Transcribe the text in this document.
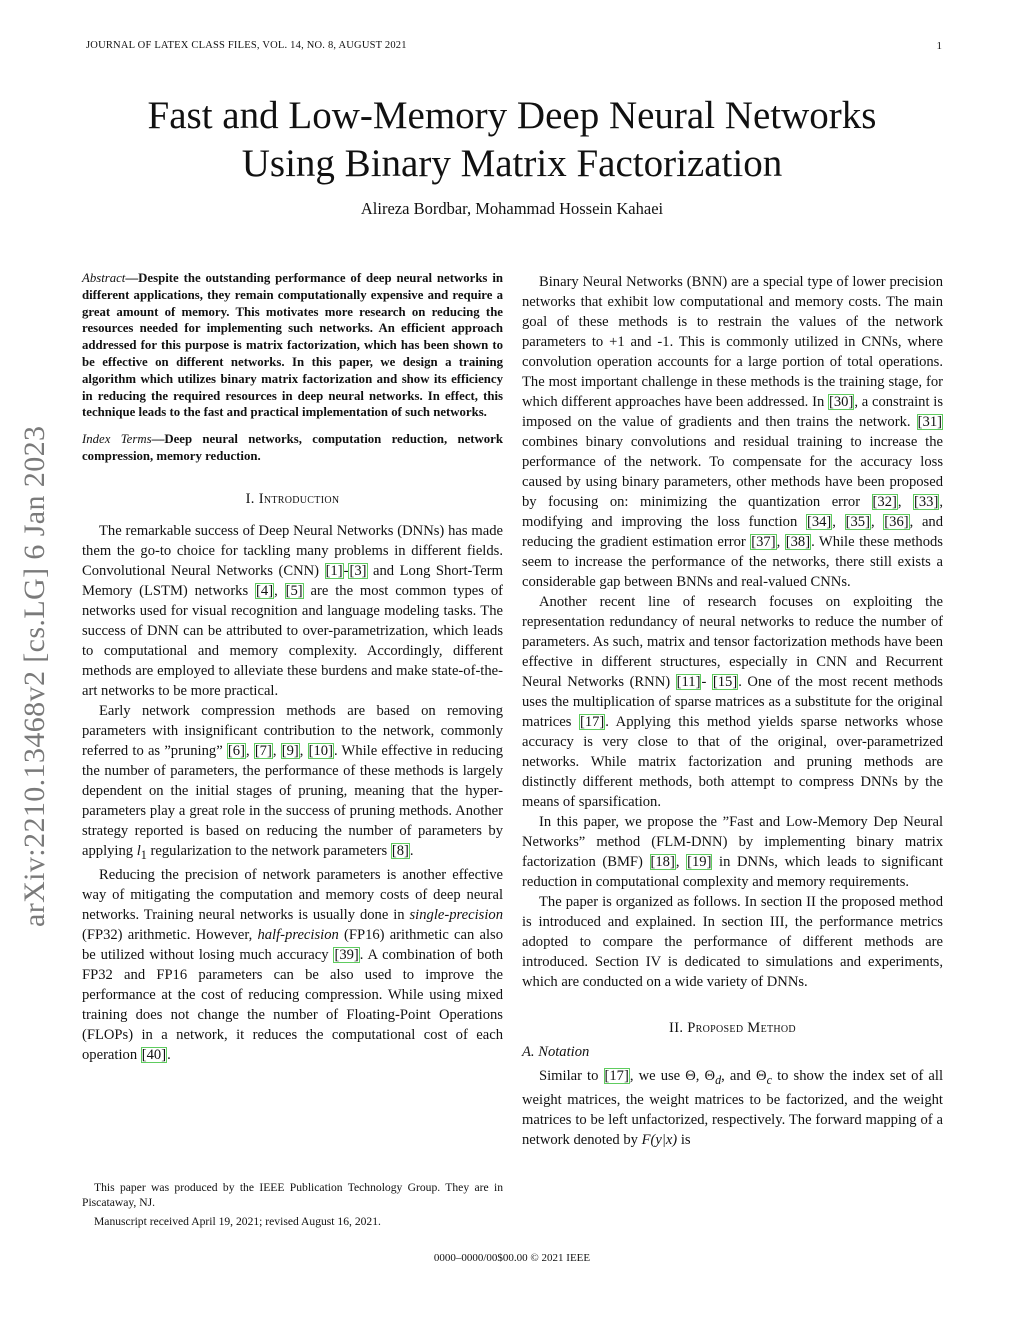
JOURNAL OF LATEX CLASS FILES, VOL. 14, NO. 8, AUGUST 2021	1
Fast and Low-Memory Deep Neural Networks
Using Binary Matrix Factorization
Alireza Bordbar, Mohammad Hossein Kahaei
arXiv:2210.13468v2 [cs.LG] 6 Jan 2023
Abstract—Despite the outstanding performance of deep neural networks in different applications, they remain computationally expensive and require a great amount of memory. This motivates more research on reducing the resources needed for implementing such networks. An efficient approach addressed for this purpose is matrix factorization, which has been shown to be effective on different networks. In this paper, we design a training algorithm which utilizes binary matrix factorization and show its efficiency in reducing the required resources in deep neural networks. In effect, this technique leads to the fast and practical implementation of such networks.
Index Terms—Deep neural networks, computation reduction, network compression, memory reduction.
I. Introduction

The remarkable success of Deep Neural Networks (DNNs) has made them the go-to choice for tackling many problems in different fields. Convolutional Neural Networks (CNN) [1]-[3] and Long Short-Term Memory (LSTM) networks [4], [5] are the most common types of networks used for visual recognition and language modeling tasks. The success of DNN can be attributed to over-parametrization, which leads to computational and memory complexity. Accordingly, different methods are employed to alleviate these burdens and make state-of-the-art networks to be more practical.

Early network compression methods are based on removing parameters with insignificant contribution to the network, commonly referred to as ”pruning” [6], [7], [9], [10]. While effective in reducing the number of parameters, the performance of these methods is largely dependent on the initial stages of pruning, meaning that the hyper-parameters play a great role in the success of pruning methods. Another strategy reported is based on reducing the number of parameters by applying $l_1$ regularization to the network parameters [8].

Reducing the precision of network parameters is another effective way of mitigating the computation and memory costs of deep neural networks. Training neural networks is usually done in single-precision (FP32) arithmetic. However, half-precision (FP16) arithmetic can also be utilized without losing much accuracy [39]. A combination of both FP32 and FP16 parameters can be also used to improve the performance at the cost of reducing compression. While using mixed training does not change the number of Floating-Point Operations (FLOPs) in a network, it reduces the computational cost of each operation [40].

This paper was produced by the IEEE Publication Technology Group. They are in Piscataway, NJ.

Manuscript received April 19, 2021; revised August 16, 2021.

Binary Neural Networks (BNN) are a special type of lower precision networks that exhibit low computational and memory costs. The main goal of these methods is to restrain the values of the network parameters to +1 and -1. This is commonly utilized in CNNs, where convolution operation accounts for a large portion of total operations. The most important challenge in these methods is the training stage, for which different approaches have been addressed. In [30], a constraint is imposed on the value of gradients and then trains the network. [31] combines binary convolutions and residual training to increase the performance of the network. To compensate for the accuracy loss caused by using binary parameters, other methods have been proposed by focusing on: minimizing the quantization error [32], [33], modifying and improving the loss function [34], [35], [36], and reducing the gradient estimation error [37], [38]. While these methods seem to increase the performance of the networks, there still exists a considerable gap between BNNs and real-valued CNNs.

Another recent line of research focuses on exploiting the representation redundancy of neural networks to reduce the number of parameters. As such, matrix and tensor factorization methods have been effective in different structures, especially in CNN and Recurrent Neural Networks (RNN) [11]- [15]. One of the most recent methods uses the multiplication of sparse matrices as a substitute for the original matrices [17]. Applying this method yields sparse networks whose accuracy is very close to that of the original, over-parametrized networks. While matrix factorization and pruning methods are distinctly different methods, both attempt to compress DNNs by the means of sparsification.

In this paper, we propose the ”Fast and Low-Memory Dep Neural Networks” method (FLM-DNN) by implementing binary matrix factorization (BMF) [18], [19] in DNNs, which leads to significant reduction in computational complexity and memory requirements.

The paper is organized as follows. In section II the proposed method is introduced and explained. In section III, the performance metrics adopted to compare the performance of different methods are introduced. Section IV is dedicated to simulations and experiments, which are conducted on a wide variety of DNNs.

II. Proposed Method
A. Notation

Similar to [17], we use Θ, $\Theta_d$, and $\Theta_c$ to show the index set of all weight matrices, the weight matrices to be factorized, and the weight matrices to be left unfactorized, respectively. The forward mapping of a network denoted by F(y|x) is

0000–0000/00$00.00 © 2021 IEEE
